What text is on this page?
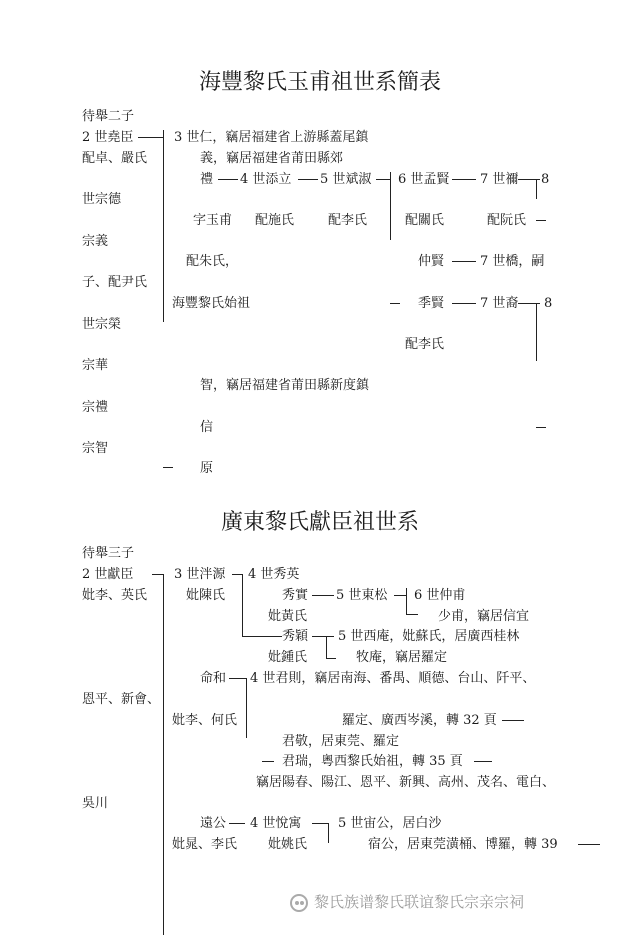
海豐黎氏玉甫祖世系簡表
待舉二子
2 世堯臣
配卓、嚴氏
世宗德
宗義
子、配尹氏
世宗榮
宗華
宗禮
宗智
3 世仁，竊居福建省上游縣蓋尾鎮
義，竊居福建省莆田縣郊
禮 4 世添立 5 世斌淑 6 世孟賢 7 世禰 8
字玉甫 配施氏	配李氏	配關氏	配阮氏
配朱氏，	仲賢	7 世橋，嗣
海豐黎氏始祖	季賢	7 世裔 8
配李氏
智，竊居福建省莆田縣新度鎮
信
原
廣東黎氏獻臣祖世系
待舉三子
2 世獻臣
妣李、英氏
恩平、新會、
吳川
3 世泮源 4 世秀英
妣陳氏	秀實 5 世東松 6 世仲甫
妣黃氏	少甫，竊居信宜
秀穎 5 世西庵，妣蘇氏，居廣西桂林
妣鍾氏	牧庵，竊居羅定
命和 4 世君則，竊居南海、番禺、順德、台山、阡平、
妣李、何氏	羅定、廣西岑溪，轉 32 頁
君敬，居東莞、羅定
君瑞，粵西黎氏始祖，轉 35 頁
竊居陽春、陽江、恩平、新興、高州、茂名、電白、
遠公 4 世悅寓	5 世宙公，居白沙
妣晁、李氏 妣姚氏	宿公，居東莞潢桶、博羅，轉 39
黎氏族谱黎氏联谊黎氏宗亲宗祠
